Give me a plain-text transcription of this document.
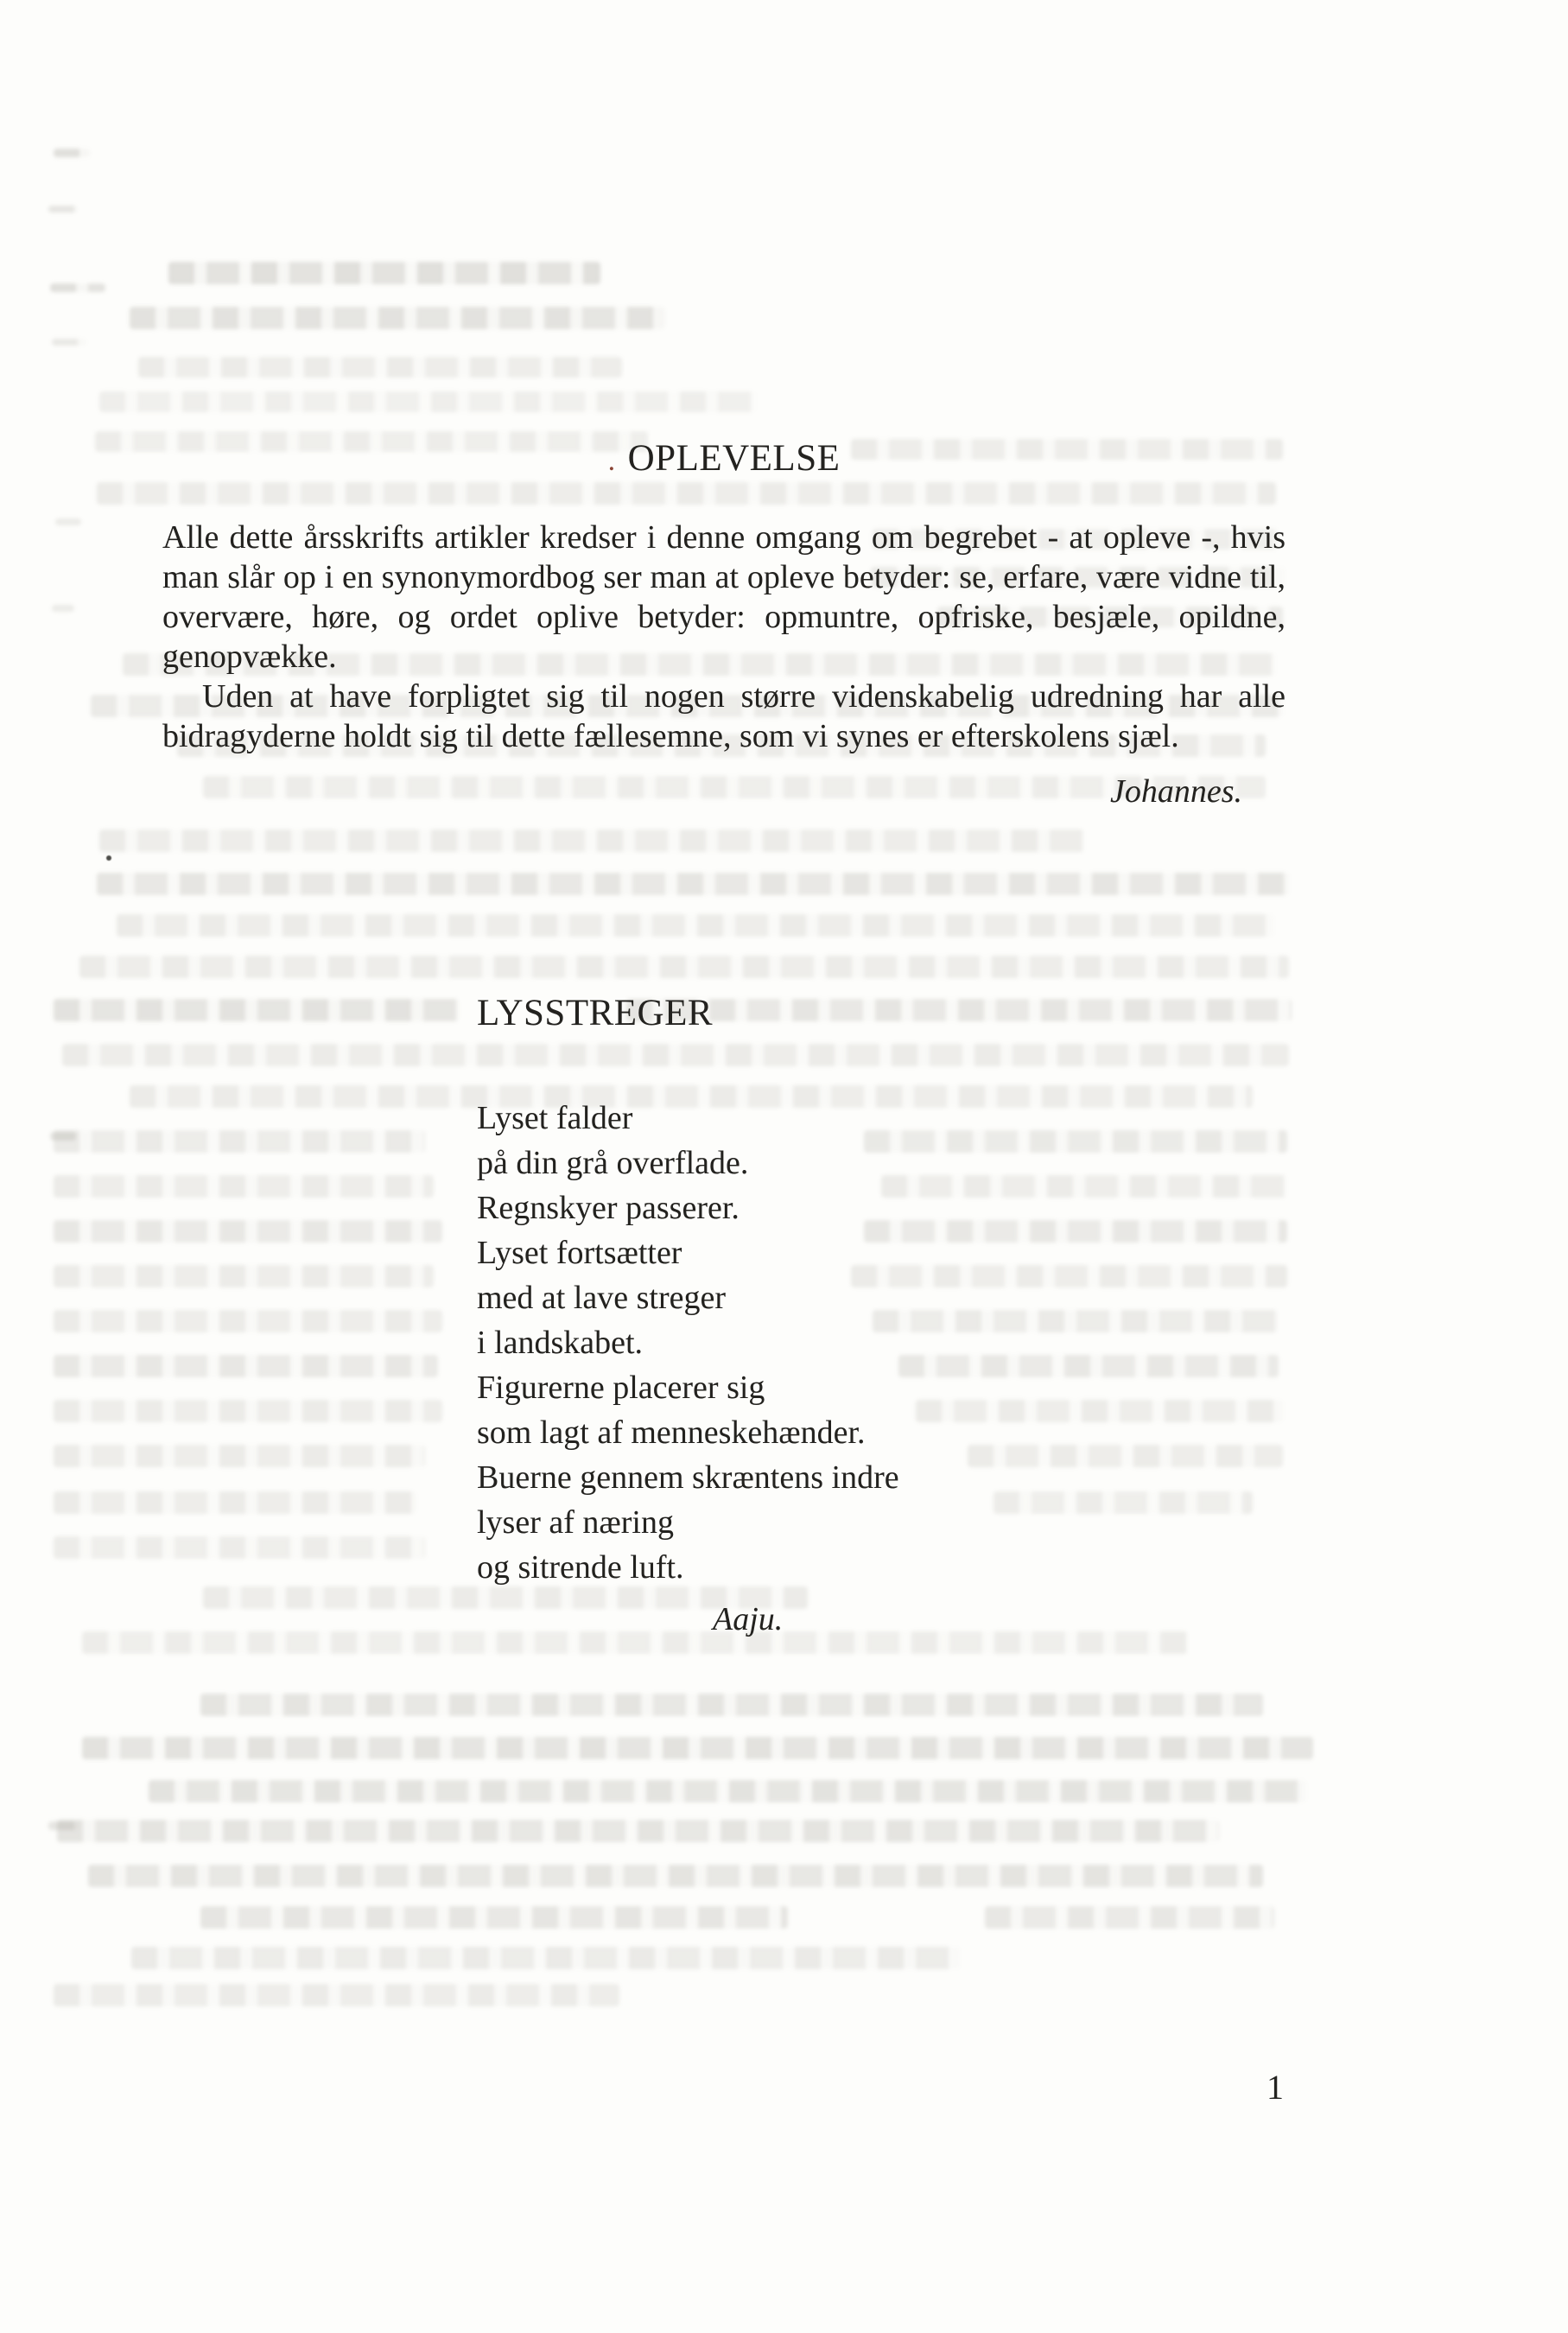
. OPLEVELSE

Alle dette årsskrifts artikler kredser i denne omgang om begrebet - at opleve -, hvis man slår op i en synonymordbog ser man at opleve betyder: se, erfare, være vidne til, overvære, høre, og ordet oplive betyder: opmuntre, opfriske, besjæle, opildne, genopvække.

Uden at have forpligtet sig til nogen større videnskabelig udredning har alle bidragyderne holdt sig til dette fællesemne, som vi synes er efterskolens sjæl.

Johannes.
LYSSTREGER
Lyset falder
på din grå overflade.
Regnskyer passerer.
Lyset fortsætter
med at lave streger
i landskabet.
Figurerne placerer sig
som lagt af menneskehænder.
Buerne gennem skræntens indre
lyser af næring
og sitrende luft.
Aaju.
1
